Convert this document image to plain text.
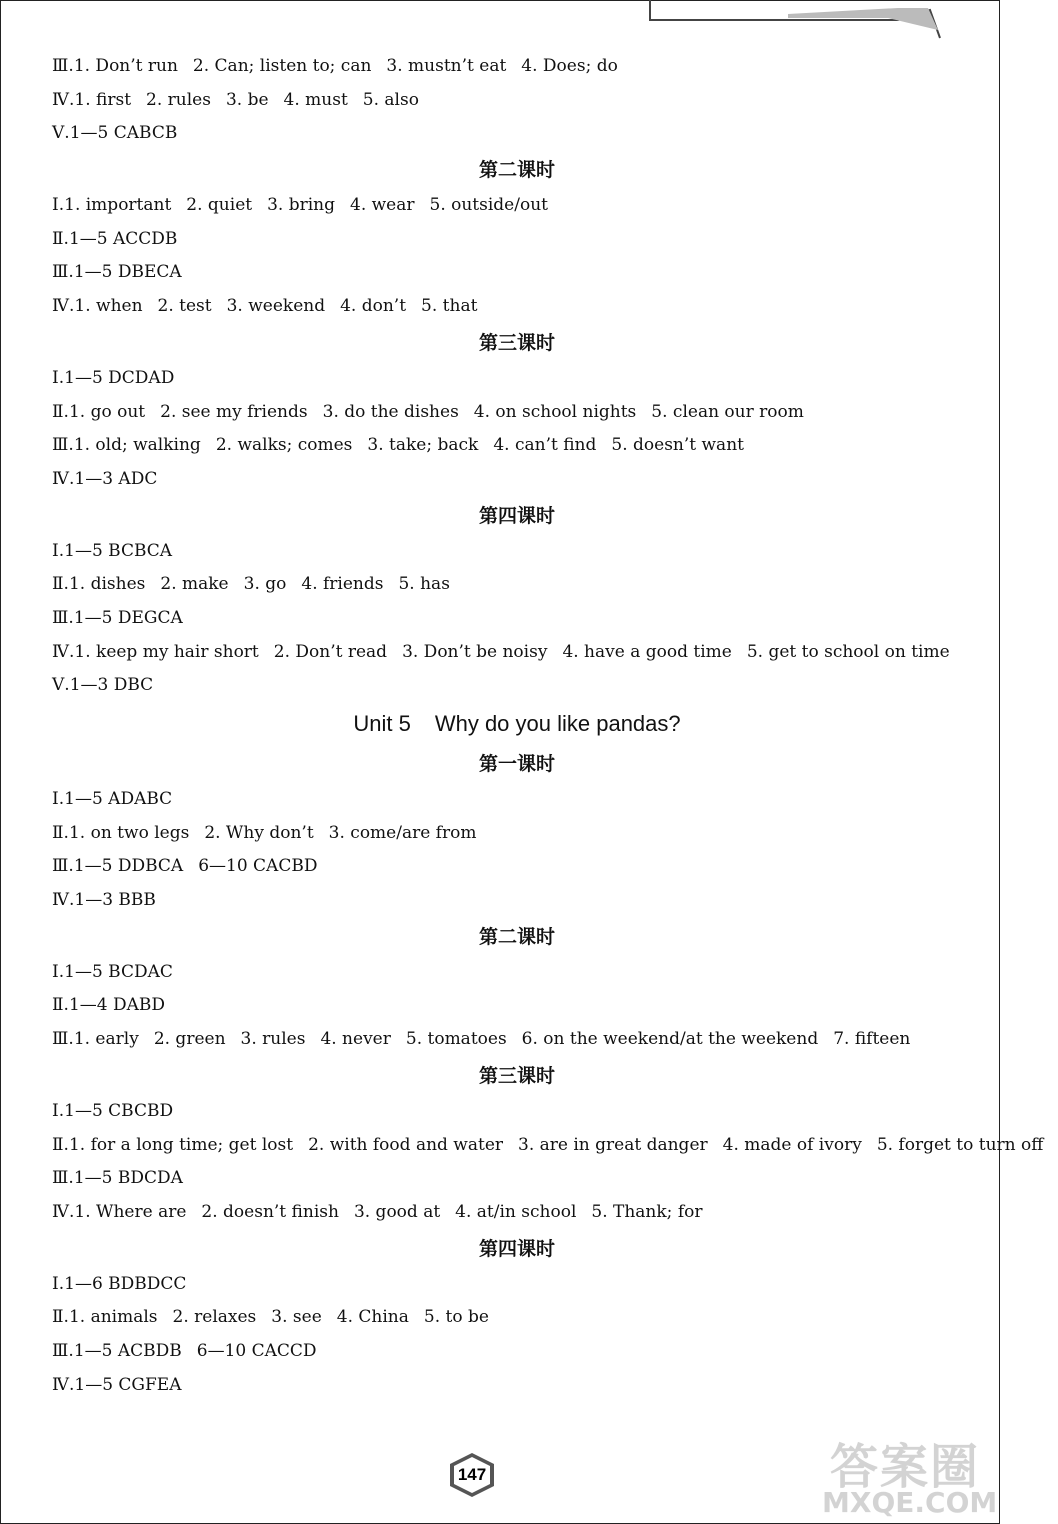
Ⅲ.1. Don’t run 2. Can; listen to; can 3. mustn’t eat 4. Does; do
Ⅳ.1. first 2. rules 3. be 4. must 5. also
Ⅴ.1—5 CABCB
第二课时
Ⅰ.1. important 2. quiet 3. bring 4. wear 5. outside/out
Ⅱ.1—5 ACCDB
Ⅲ.1—5 DBECA
Ⅳ.1. when 2. test 3. weekend 4. don’t 5. that
第三课时
Ⅰ.1—5 DCDAD
Ⅱ.1. go out 2. see my friends 3. do the dishes 4. on school nights 5. clean our room
Ⅲ.1. old; walking 2. walks; comes 3. take; back 4. can’t find 5. doesn’t want
Ⅳ.1—3 ADC
第四课时
Ⅰ.1—5 BCBCA
Ⅱ.1. dishes 2. make 3. go 4. friends 5. has
Ⅲ.1—5 DEGCA
Ⅳ.1. keep my hair short 2. Don’t read 3. Don’t be noisy 4. have a good time 5. get to school on time
Ⅴ.1—3 DBC
Unit 5 Why do you like pandas?
第一课时
Ⅰ.1—5 ADABC
Ⅱ.1. on two legs 2. Why don’t 3. come/are from
Ⅲ.1—5 DDBCA 6—10 CACBD
Ⅳ.1—3 BBB
第二课时
Ⅰ.1—5 BCDAC
Ⅱ.1—4 DABD
Ⅲ.1. early 2. green 3. rules 4. never 5. tomatoes 6. on the weekend/at the weekend 7. fifteen
第三课时
Ⅰ.1—5 CBCBD
Ⅱ.1. for a long time; get lost 2. with food and water 3. are in great danger 4. made of ivory 5. forget to turn off
Ⅲ.1—5 BDCDA
Ⅳ.1. Where are 2. doesn’t finish 3. good at 4. at/in school 5. Thank; for
第四课时
Ⅰ.1—6 BDBDCC
Ⅱ.1. animals 2. relaxes 3. see 4. China 5. to be
Ⅲ.1—5 ACBDB 6—10 CACCD
Ⅳ.1—5 CGFEA
147	答案圈
MXQE.COM
